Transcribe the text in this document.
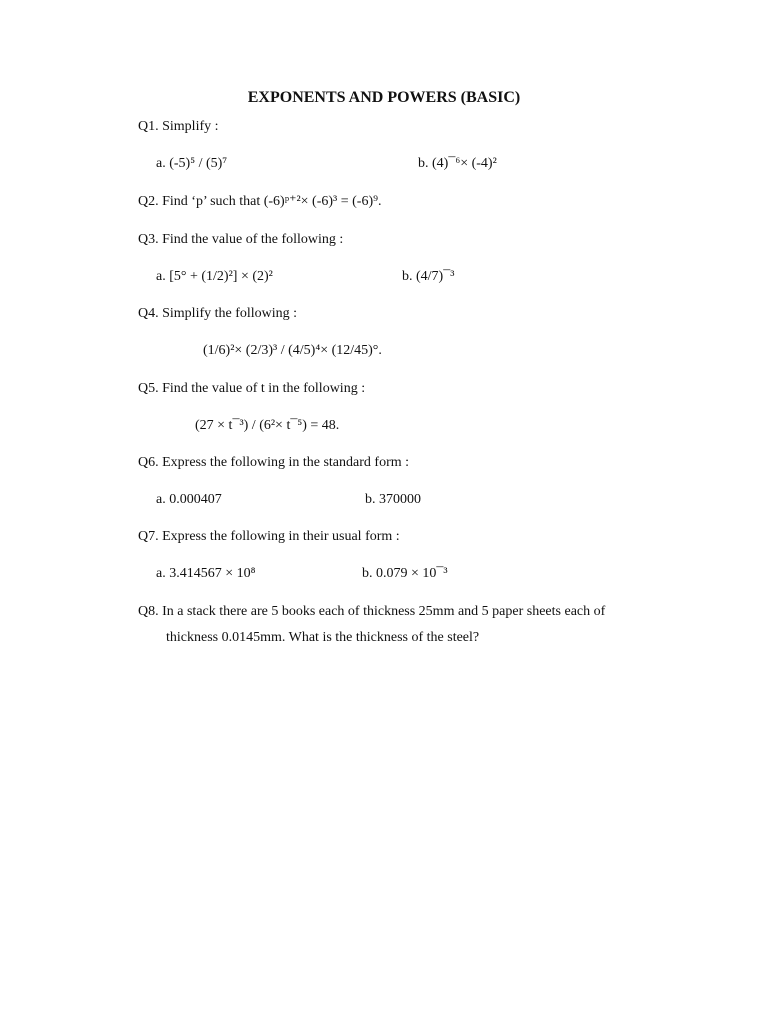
EXPONENTS AND POWERS (BASIC)
Q1. Simplify :
a. (-5)⁵ / (5)⁷	b. (4)¯⁶× (-4)²
Q2. Find ‘p’ such that (-6)ᵖ⁺²× (-6)³ = (-6)⁹.
Q3. Find the value of the following :
a. [5° + (1/2)²] × (2)²	b. (4/7)¯³
Q4. Simplify the following :
(1/6)²× (2/3)³ / (4/5)⁴× (12/45)°.
Q5. Find the value of t in the following :
(27 × t¯³) / (6²× t¯⁵) = 48.
Q6. Express the following in the standard form :
a. 0.000407	b. 370000
Q7. Express the following in their usual form :
a. 3.414567 × 10⁸	b. 0.079 × 10¯³
Q8. In a stack there are 5 books each of thickness 25mm and 5 paper sheets each of
thickness 0.0145mm. What is the thickness of the steel?
